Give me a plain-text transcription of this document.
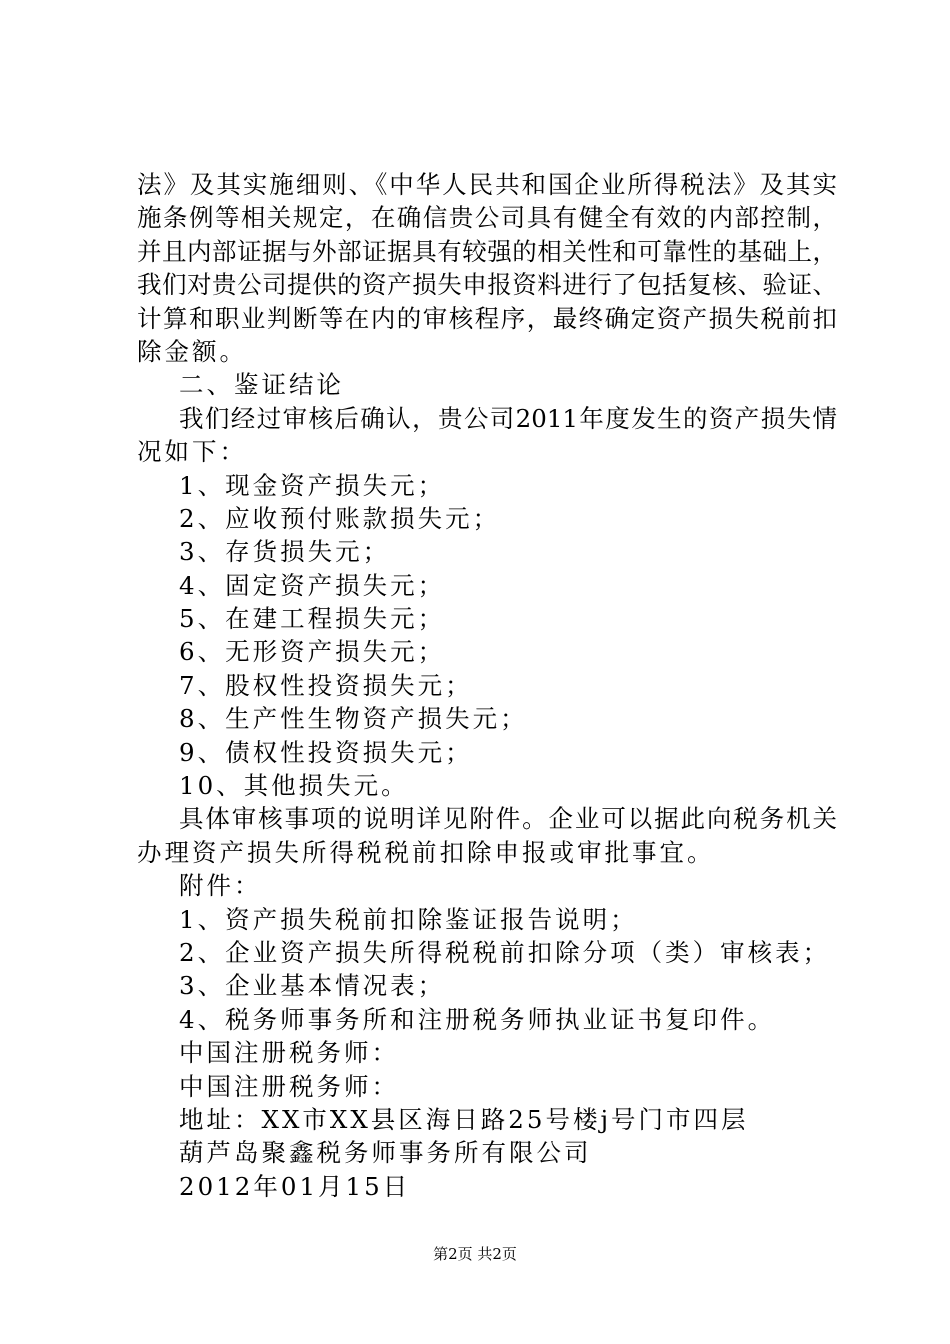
法》及其实施细则、《中华人民共和国企业所得税法》及其实
施条例等相关规定，在确信贵公司具有健全有效的内部控制，
并且内部证据与外部证据具有较强的相关性和可靠性的基础上，
我们对贵公司提供的资产损失申报资料进行了包括复核、验证、
计算和职业判断等在内的审核程序，最终确定资产损失税前扣
除金额。
二、鉴证结论
我们经过审核后确认，贵公司2011年度发生的资产损失情
况如下：
1、现金资产损失元；
2、应收预付账款损失元；
3、存货损失元；
4、固定资产损失元；
5、在建工程损失元；
6、无形资产损失元；
7、股权性投资损失元；
8、生产性生物资产损失元；
9、债权性投资损失元；
10、其他损失元。
具体审核事项的说明详见附件。企业可以据此向税务机关
办理资产损失所得税税前扣除申报或审批事宜。
附件：
1、资产损失税前扣除鉴证报告说明；
2、企业资产损失所得税税前扣除分项（类）审核表；
3、企业基本情况表；
4、税务师事务所和注册税务师执业证书复印件。
中国注册税务师：
中国注册税务师：
地址：XX市XX县区海日路25号楼j号门市四层
葫芦岛聚鑫税务师事务所有限公司
2012年01月15日
第2页 共2页
